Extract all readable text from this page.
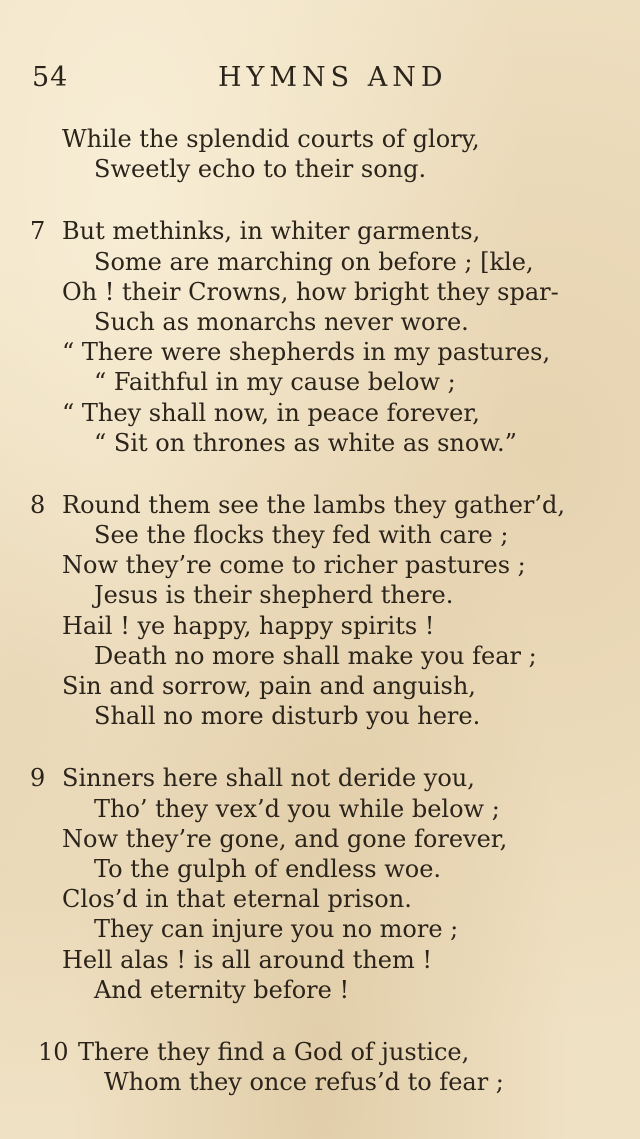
54	HYMNS AND
While the splendid courts of glory,
Sweetly echo to their song.
7 But methinks, in whiter garments,
Some are marching on before ; [kle,
Oh ! their Crowns, how bright they spar-
Such as monarchs never wore.
“ There were shepherds in my pastures,
“ Faithful in my cause below ;
“ They shall now, in peace forever,
“ Sit on thrones as white as snow.”
8 Round them see the lambs they gather’d,
See the flocks they fed with care ;
Now they’re come to richer pastures ;
Jesus is their shepherd there.
Hail ! ye happy, happy spirits !
Death no more shall make you fear ;
Sin and sorrow, pain and anguish,
Shall no more disturb you here.
9 Sinners here shall not deride you,
Tho’ they vex’d you while below ;
Now they’re gone, and gone forever,
To the gulph of endless woe.
Clos’d in that eternal prison.
They can injure you no more ;
Hell alas ! is all around them !
And eternity before !
10 There they find a God of justice,
Whom they once refus’d to fear ;
